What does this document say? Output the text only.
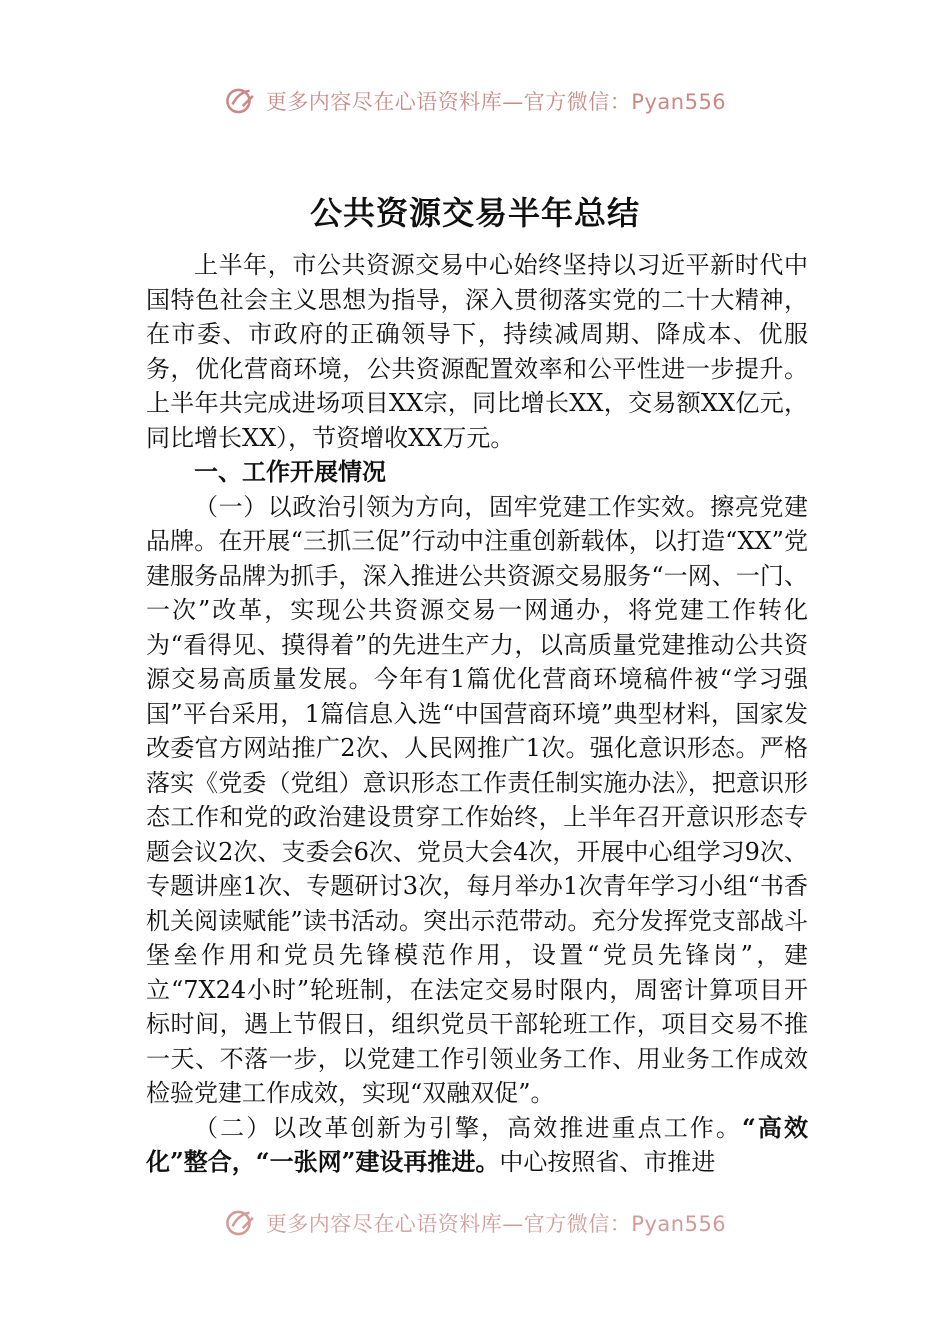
更多内容尽在心语资料库—官方微信：Pyan556
公共资源交易半年总结

上半年，市公共资源交易中心始终坚持以习近平新时代中国特色社会主义思想为指导，深入贯彻落实党的二十大精神，在市委、市政府的正确领导下，持续减周期、降成本、优服务，优化营商环境，公共资源配置效率和公平性进一步提升。上半年共完成进场项目XX宗，同比增长XX，交易额XX亿元，同比增长XX），节资增收XX万元。

一、工作开展情况

（一）以政治引领为方向，固牢党建工作实效。擦亮党建品牌。在开展“三抓三促”行动中注重创新载体，以打造“XX”党建服务品牌为抓手，深入推进公共资源交易服务“一网、一门、一次”改革，实现公共资源交易一网通办，将党建工作转化为“看得见、摸得着”的先进生产力，以高质量党建推动公共资源交易高质量发展。今年有1篇优化营商环境稿件被“学习强国”平台采用，1篇信息入选“中国营商环境”典型材料，国家发改委官方网站推广2次、人民网推广1次。强化意识形态。严格落实《党委（党组）意识形态工作责任制实施办法》，把意识形态工作和党的政治建设贯穿工作始终，上半年召开意识形态专题会议2次、支委会6次、党员大会4次，开展中心组学习9次、专题讲座1次、专题研讨3次，每月举办1次青年学习小组“书香机关阅读赋能”读书活动。突出示范带动。充分发挥党支部战斗堡垒作用和党员先锋模范作用，设置“党员先锋岗”，建立“7X24小时”轮班制，在法定交易时限内，周密计算项目开标时间，遇上节假日，组织党员干部轮班工作，项目交易不推一天、不落一步，以党建工作引领业务工作、用业务工作成效检验党建工作成效，实现“双融双促”。

（二）以改革创新为引擎，高效推进重点工作。“高效化”整合，“一张网”建设再推进。中心按照省、市推进

更多内容尽在心语资料库—官方微信：Pyan556
